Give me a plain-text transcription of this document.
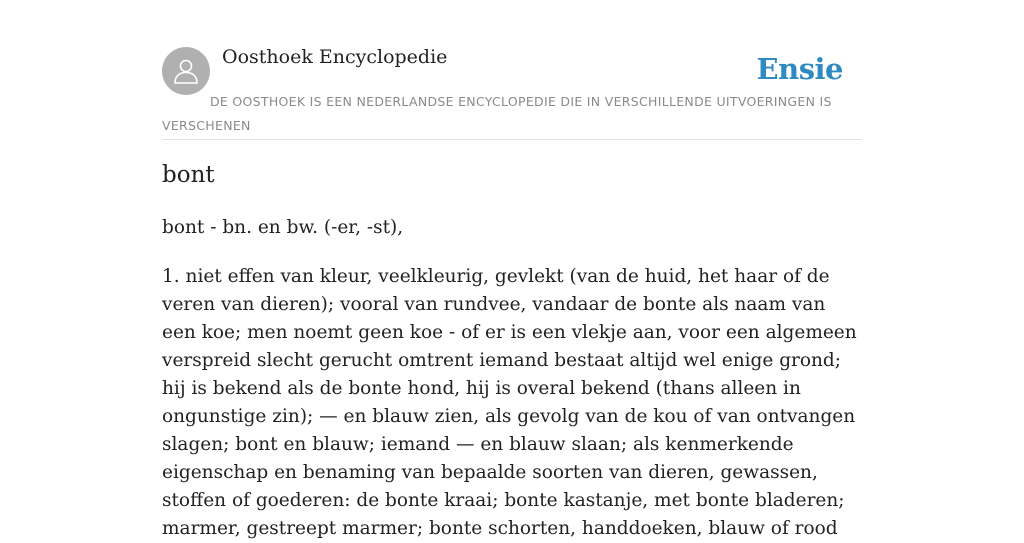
Oosthoek Encyclopedie	Ensie
DE OOSTHOEK IS EEN NEDERLANDSE ENCYCLOPEDIE DIE IN VERSCHILLENDE UITVOERINGEN IS VERSCHENEN
bont

bont - bn. en bw. (-er, -st),

1. niet effen van kleur, veelkleurig, gevlekt (van de huid, het haar of de veren van dieren); vooral van rundvee, vandaar de bonte als naam van een koe; men noemt geen koe - of er is een vlekje aan, voor een algemeen verspreid slecht gerucht omtrent iemand bestaat altijd wel enige grond; hij is bekend als de bonte hond, hij is overal bekend (thans alleen in ongunstige zin); — en blauw zien, als gevolg van de kou of van ontvangen slagen; bont en blauw; iemand — en blauw slaan; als kenmerkende eigenschap en benaming van bepaalde soorten van dieren, gewassen, stoffen of goederen: de bonte kraai; bonte kastanje, met bonte bladeren; marmer, gestreept marmer; bonte schorten, handdoeken, blauw of rood
